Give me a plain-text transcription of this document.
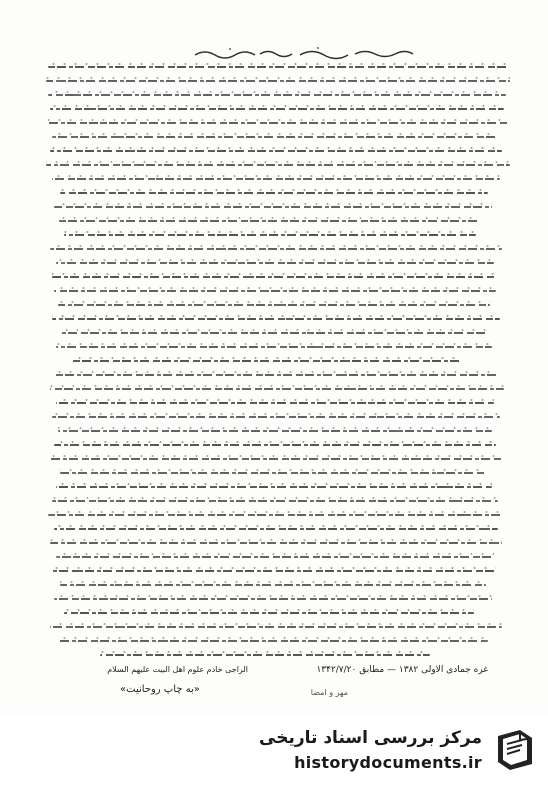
غره جمادی الاولی ۱۳۸۲ — مطابق ۱۳۴۲/۷/۲۰
الراجی خادم علوم اهل البیت علیهم السلام
«به چاپ روحانیت»	مهر و امضا
مرکز بررسی اسناد تاریخی
historydocuments.ir
